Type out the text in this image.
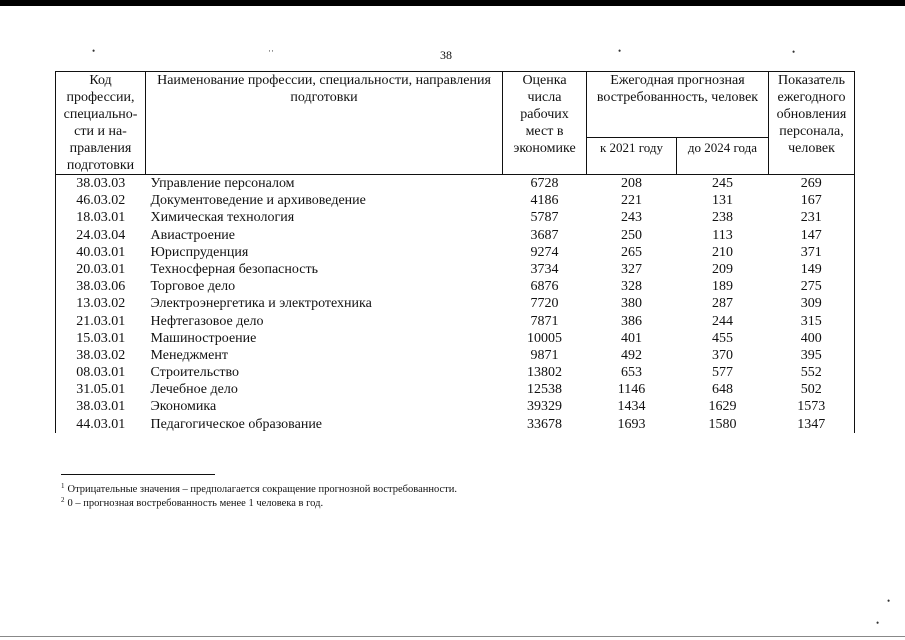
•	··	•	•
•
•
38
Код профессии, специально-сти и на-правления подготовки	Наименование профессии, специальности, направления подготовки	Оценка числа рабочих мест в экономике	Ежегодная прогнозная востребованность, человек		Показатель ежегодного обновления персонала, человек
			к 2021 году	до 2024 года	
38.03.03	Управление персоналом	6728	208	245	269
46.03.02	Документоведение и архивоведение	4186	221	131	167
18.03.01	Химическая технология	5787	243	238	231
24.03.04	Авиастроение	3687	250	113	147
40.03.01	Юриспруденция	9274	265	210	371
20.03.01	Техносферная безопасность	3734	327	209	149
38.03.06	Торговое дело	6876	328	189	275
13.03.02	Электроэнергетика и электротехника	7720	380	287	309
21.03.01	Нефтегазовое дело	7871	386	244	315
15.03.01	Машиностроение	10005	401	455	400
38.03.02	Менеджмент	9871	492	370	395
08.03.01	Строительство	13802	653	577	552
31.05.01	Лечебное дело	12538	1146	648	502
38.03.01	Экономика	39329	1434	1629	1573
44.03.01	Педагогическое образование	33678	1693	1580	1347
$^1$ Отрицательные значения – предполагается сокращение прогнозной востребованности.
$^2$ 0 – прогнозная востребованность менее 1 человека в год.
